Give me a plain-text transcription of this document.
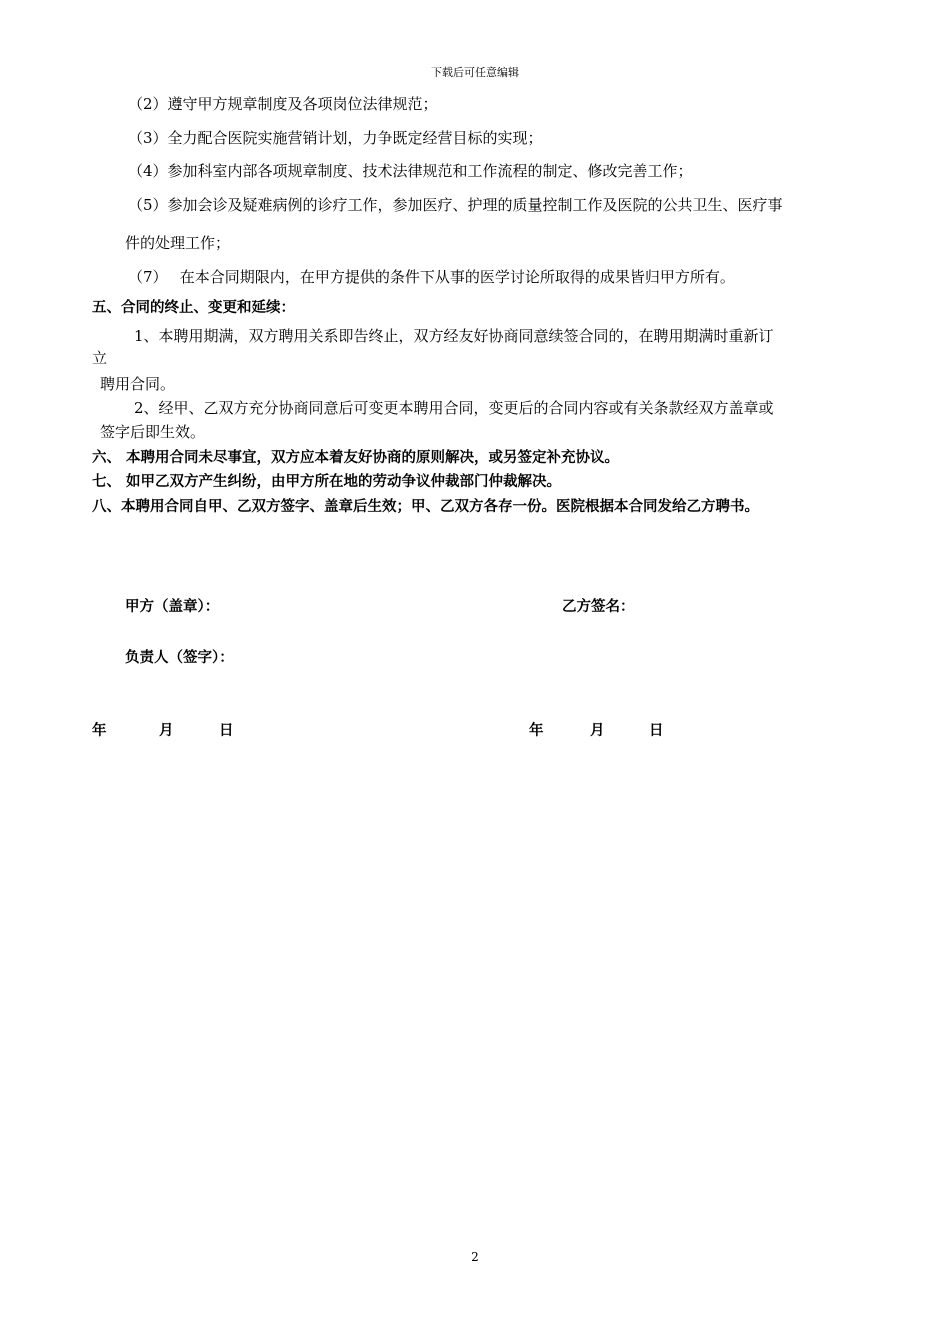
下载后可任意编辑
（2）遵守甲方规章制度及各项岗位法律规范；
（3）全力配合医院实施营销计划，力争既定经营目标的实现；
（4）参加科室内部各项规章制度、技术法律规范和工作流程的制定、修改完善工作；
（5）参加会诊及疑难病例的诊疗工作，参加医疗、护理的质量控制工作及医院的公共卫生、医疗事
件的处理工作；
（7）　 在本合同期限内，在甲方提供的条件下从事的医学讨论所取得的成果皆归甲方所有。
五、合同的终止、变更和延续：
1、本聘用期满，双方聘用关系即告终止，双方经友好协商同意续签合同的，在聘用期满时重新订
立
聘用合同。
2、经甲、乙双方充分协商同意后可变更本聘用合同，变更后的合同内容或有关条款经双方盖章或
签字后即生效。
六、 本聘用合同未尽事宜，双方应本着友好协商的原则解决，或另签定补充协议。
七、 如甲乙双方产生纠纷，由甲方所在地的劳动争议仲裁部门仲裁解决。
八、本聘用合同自甲、乙双方签字、盖章后生效；甲、乙双方各存一份。医院根据本合同发给乙方聘书。
甲方（盖章）：	乙方签名：
负责人（签字）：
年	月	日	年	月	日
2
